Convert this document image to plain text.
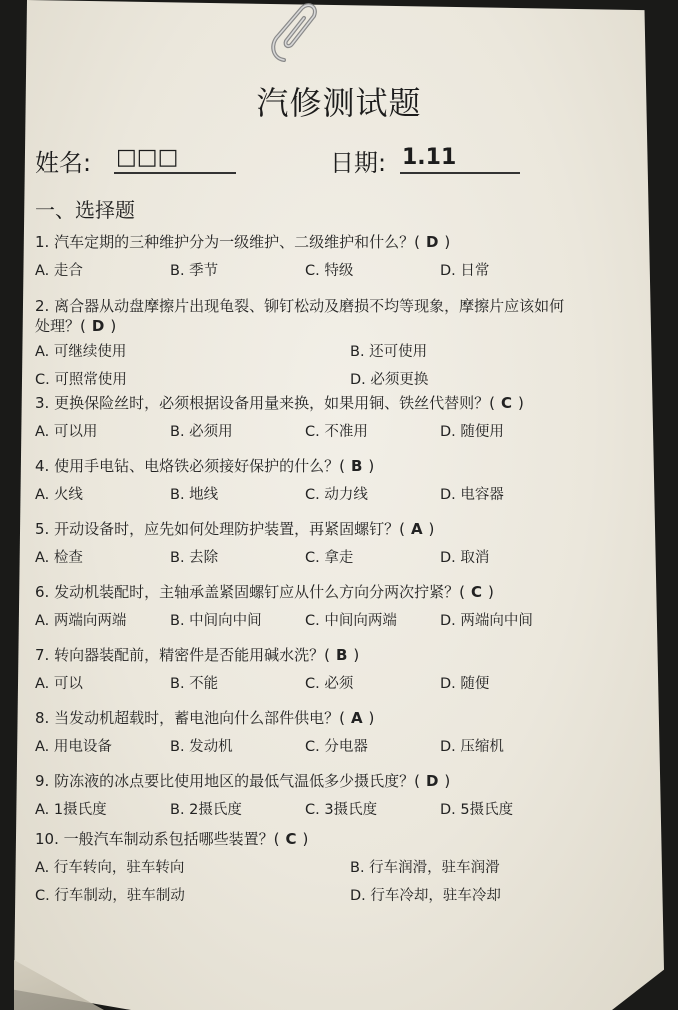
汽修测试题
姓名: □□□	日期: 1.11
一、选择题
1. 汽车定期的三种维护分为一级维护、二级维护和什么？( D )
A. 走合	B. 季节	C. 特级	D. 日常
2. 离合器从动盘摩擦片出现龟裂、铆钉松动及磨损不均等现象，摩擦片应该如何处理？( D )
A. 可继续使用	B. 还可使用
C. 可照常使用	D. 必须更换
3. 更换保险丝时，必须根据设备用量来换，如果用铜、铁丝代替则？( C )
A. 可以用	B. 必须用	C. 不准用	D. 随便用
4. 使用手电钻、电烙铁必须接好保护的什么？( B )
A. 火线	B. 地线	C. 动力线	D. 电容器
5. 开动设备时，应先如何处理防护装置，再紧固螺钉？( A )
A. 检查	B. 去除	C. 拿走	D. 取消
6. 发动机装配时，主轴承盖紧固螺钉应从什么方向分两次拧紧？( C )
A. 两端向两端	B. 中间向中间	C. 中间向两端	D. 两端向中间
7. 转向器装配前，精密件是否能用碱水洗？( B )
A. 可以	B. 不能	C. 必须	D. 随便
8. 当发动机超载时，蓄电池向什么部件供电？( A )
A. 用电设备	B. 发动机	C. 分电器	D. 压缩机
9. 防冻液的冰点要比使用地区的最低气温低多少摄氏度？( D )
A. 1摄氏度	B. 2摄氏度	C. 3摄氏度	D. 5摄氏度
10. 一般汽车制动系包括哪些装置？( C )
A. 行车转向，驻车转向	B. 行车润滑，驻车润滑
C. 行车制动，驻车制动	D. 行车冷却，驻车冷却
